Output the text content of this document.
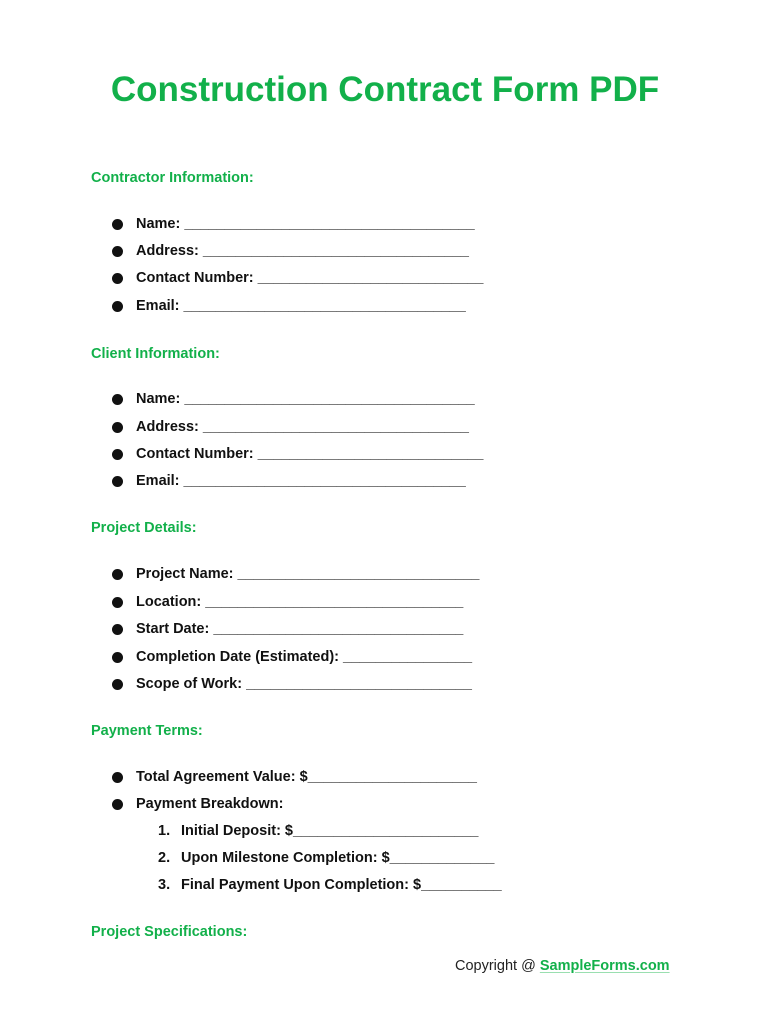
Construction Contract Form PDF
Contractor Information:
Name: ____________________________________
Address: _________________________________
Contact Number: ____________________________
Email: ___________________________________
Client Information:
Name: ____________________________________
Address: _________________________________
Contact Number: ____________________________
Email: ___________________________________
Project Details:
Project Name: ______________________________
Location: ________________________________
Start Date: _______________________________
Completion Date (Estimated): ________________
Scope of Work: ____________________________
Payment Terms:
Total Agreement Value: $_____________________
Payment Breakdown:
1. Initial Deposit: $_______________________
2. Upon Milestone Completion: $_____________
3. Final Payment Upon Completion: $__________
Project Specifications:
Copyright @ SampleForms.com
